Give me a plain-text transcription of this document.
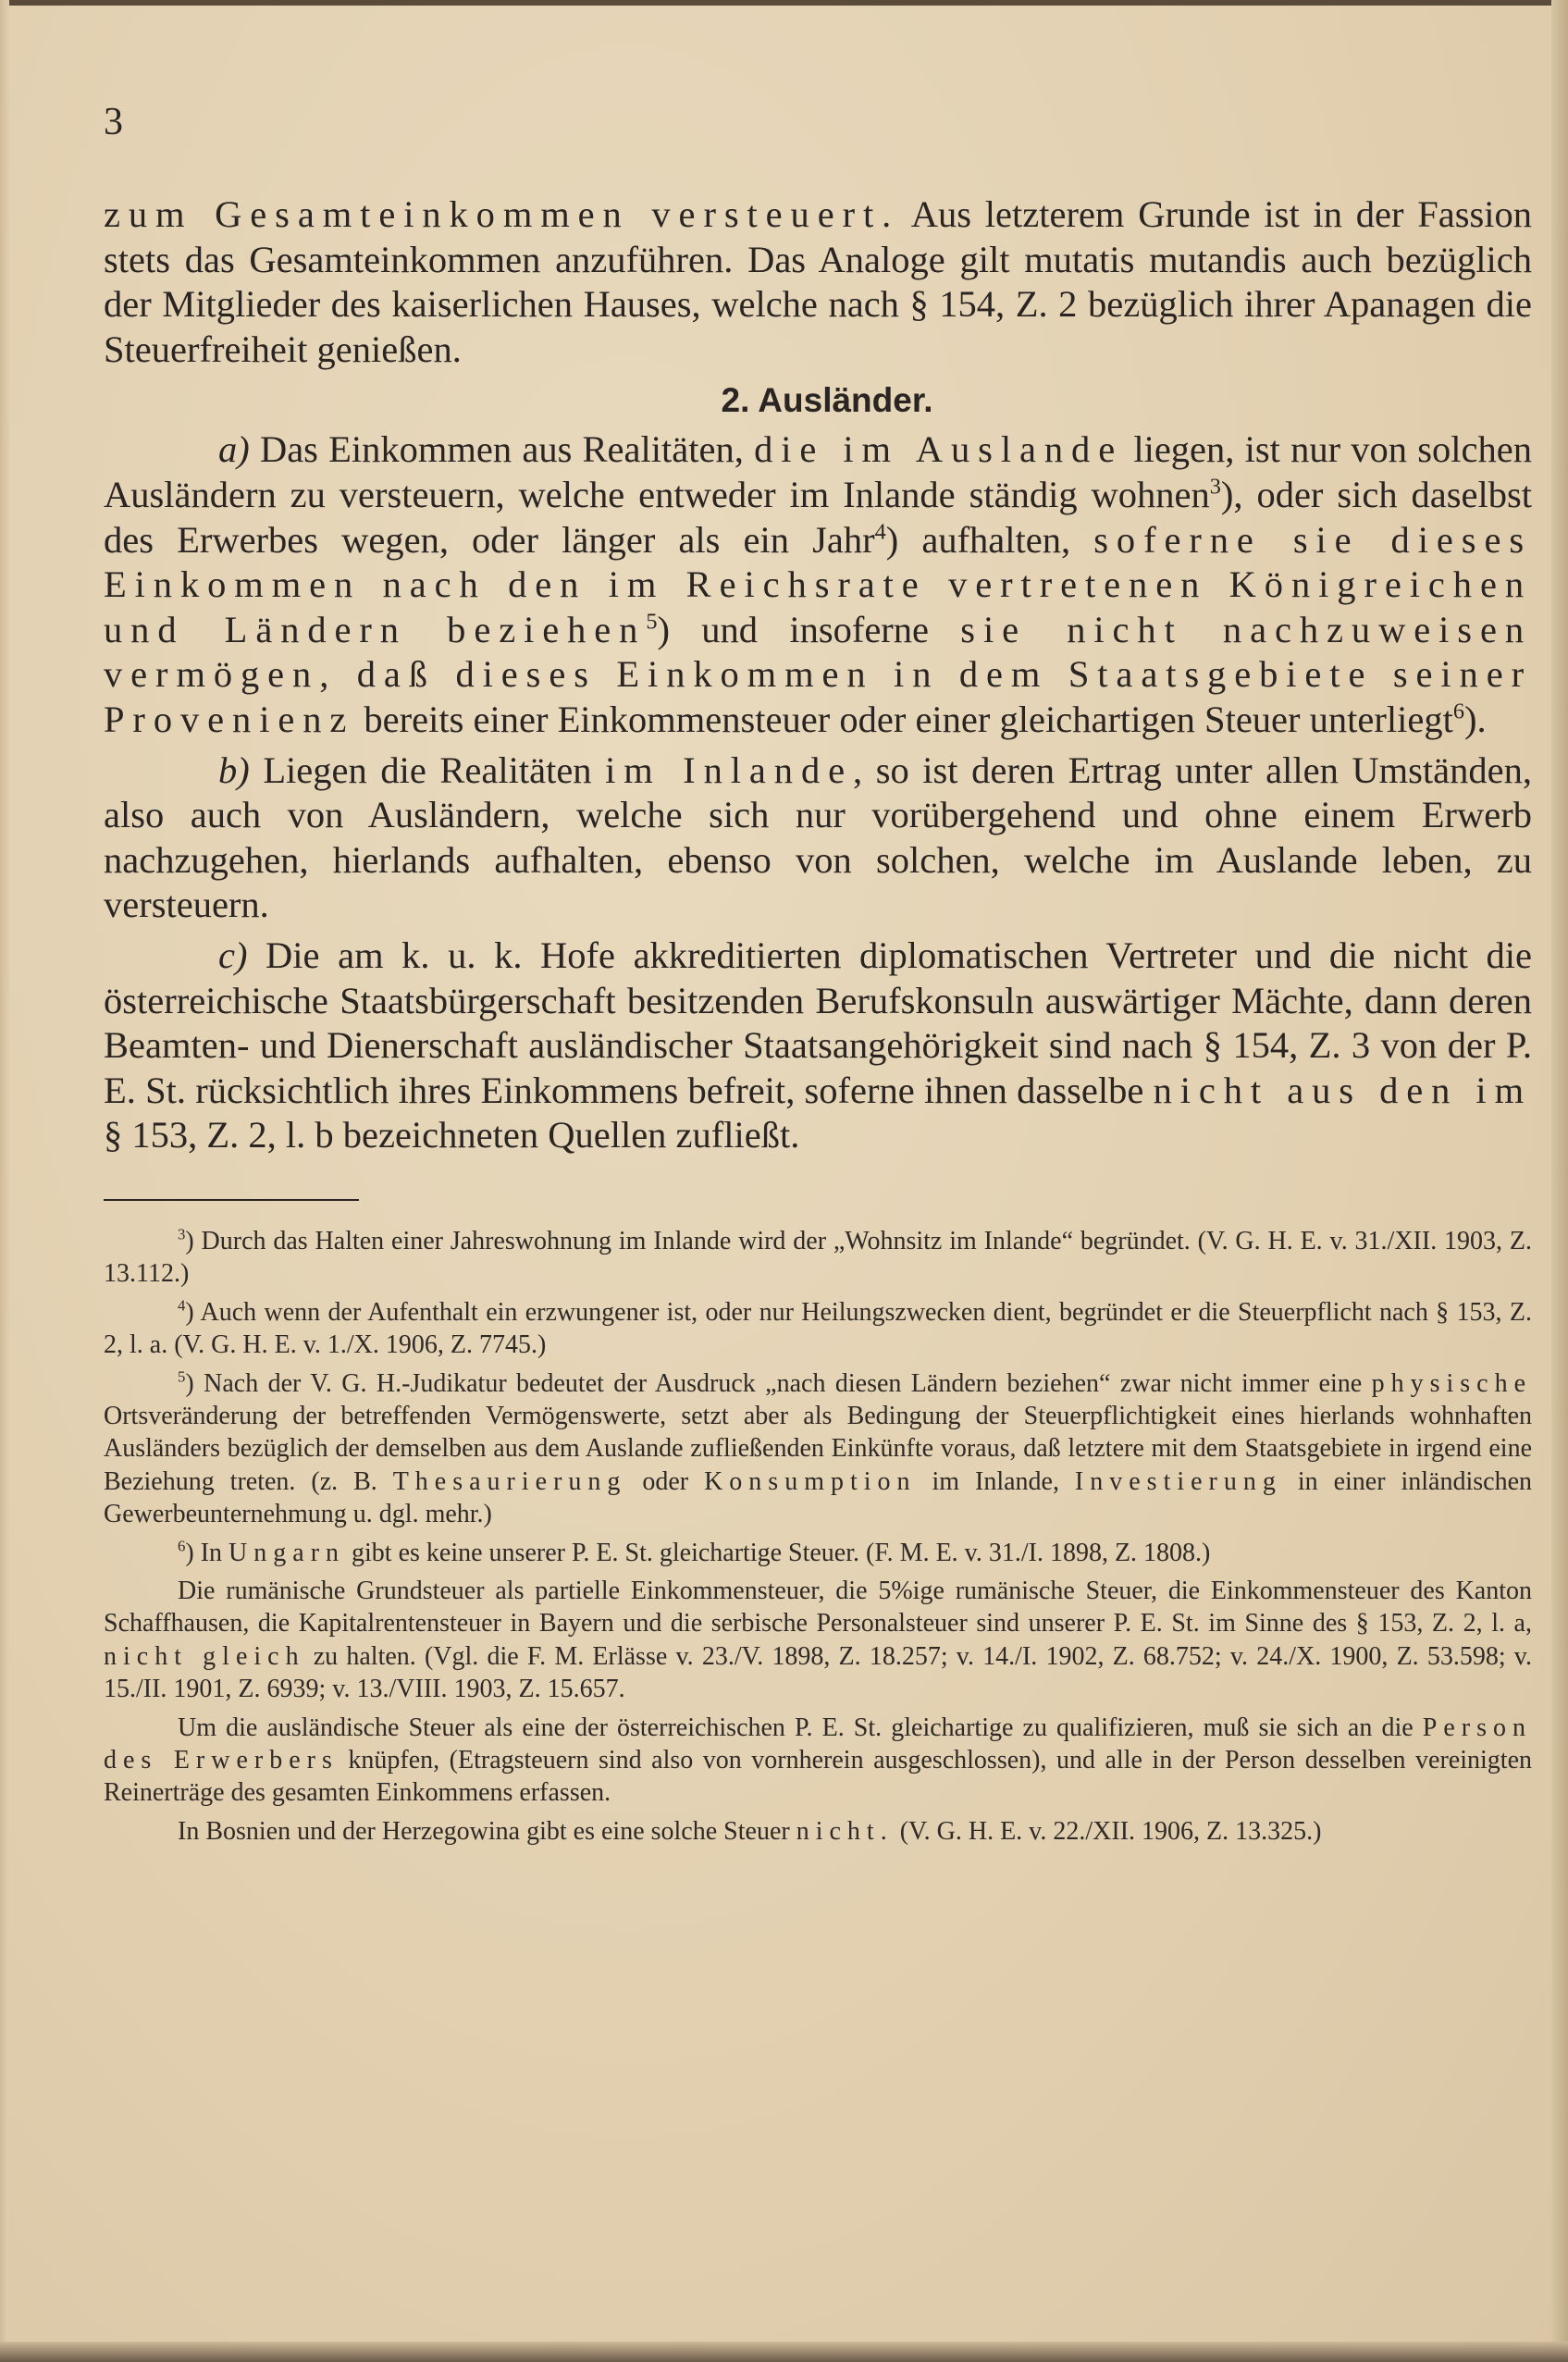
3

zum Gesamteinkommen versteuert. Aus letzterem Grunde ist in der Fassion stets das Gesamteinkommen anzuführen. Das Analoge gilt mutatis mutandis auch bezüglich der Mitglieder des kaiserlichen Hauses, welche nach § 154, Z. 2 bezüglich ihrer Apanagen die Steuerfreiheit genießen.

2. Ausländer.

a) Das Einkommen aus Realitäten, die im Auslande liegen, ist nur von solchen Ausländern zu versteuern, welche entweder im Inlande ständig wohnen$^3$), oder sich daselbst des Erwerbes wegen, oder länger als ein Jahr$^4$) aufhalten, soferne sie dieses Einkommen nach den im Reichsrate vertretenen Königreichen und Ländern beziehen$^5$) und insoferne sie nicht nachzuweisen vermögen, daß dieses Einkommen in dem Staatsgebiete seiner Provenienz bereits einer Einkommensteuer oder einer gleichartigen Steuer unterliegt$^6$).

b) Liegen die Realitäten im Inlande, so ist deren Ertrag unter allen Umständen, also auch von Ausländern, welche sich nur vorübergehend und ohne einem Erwerb nachzugehen, hierlands aufhalten, ebenso von solchen, welche im Auslande leben, zu versteuern.

c) Die am k. u. k. Hofe akkreditierten diplomatischen Vertreter und die nicht die österreichische Staatsbürgerschaft besitzenden Berufskonsuln auswärtiger Mächte, dann deren Beamten- und Dienerschaft ausländischer Staatsangehörigkeit sind nach § 154, Z. 3 von der P. E. St. rücksichtlich ihres Einkommens befreit, soferne ihnen dasselbe nicht aus den im § 153, Z. 2, l. b bezeichneten Quellen zufließt.

$^3$) Durch das Halten einer Jahreswohnung im Inlande wird der „Wohnsitz im Inlande“ begründet. (V. G. H. E. v. 31./XII. 1903, Z. 13.112.)

$^4$) Auch wenn der Aufenthalt ein erzwungener ist, oder nur Heilungszwecken dient, begründet er die Steuerpflicht nach § 153, Z. 2, l. a. (V. G. H. E. v. 1./X. 1906, Z. 7745.)

$^5$) Nach der V. G. H.-Judikatur bedeutet der Ausdruck „nach diesen Ländern beziehen“ zwar nicht immer eine physische Ortsveränderung der betreffenden Vermögenswerte, setzt aber als Bedingung der Steuerpflichtigkeit eines hierlands wohnhaften Ausländers bezüglich der demselben aus dem Auslande zufließenden Einkünfte voraus, daß letztere mit dem Staatsgebiete in irgend eine Beziehung treten. (z. B. Thesaurierung oder Konsumption im Inlande, Investierung in einer inländischen Gewerbeunternehmung u. dgl. mehr.)

$^6$) In Ungarn gibt es keine unserer P. E. St. gleichartige Steuer. (F. M. E. v. 31./I. 1898, Z. 1808.)

Die rumänische Grundsteuer als partielle Einkommensteuer, die 5%ige rumänische Steuer, die Einkommensteuer des Kanton Schaffhausen, die Kapitalrentensteuer in Bayern und die serbische Personalsteuer sind unserer P. E. St. im Sinne des § 153, Z. 2, l. a, nicht gleich zu halten. (Vgl. die F. M. Erlässe v. 23./V. 1898, Z. 18.257; v. 14./I. 1902, Z. 68.752; v. 24./X. 1900, Z. 53.598; v. 15./II. 1901, Z. 6939; v. 13./VIII. 1903, Z. 15.657.

Um die ausländische Steuer als eine der österreichischen P. E. St. gleichartige zu qualifizieren, muß sie sich an die Person des Erwerbers knüpfen, (Etragsteuern sind also von vornherein ausgeschlossen), und alle in der Person desselben vereinigten Reinerträge des gesamten Einkommens erfassen.

In Bosnien und der Herzegowina gibt es eine solche Steuer nicht. (V. G. H. E. v. 22./XII. 1906, Z. 13.325.)
